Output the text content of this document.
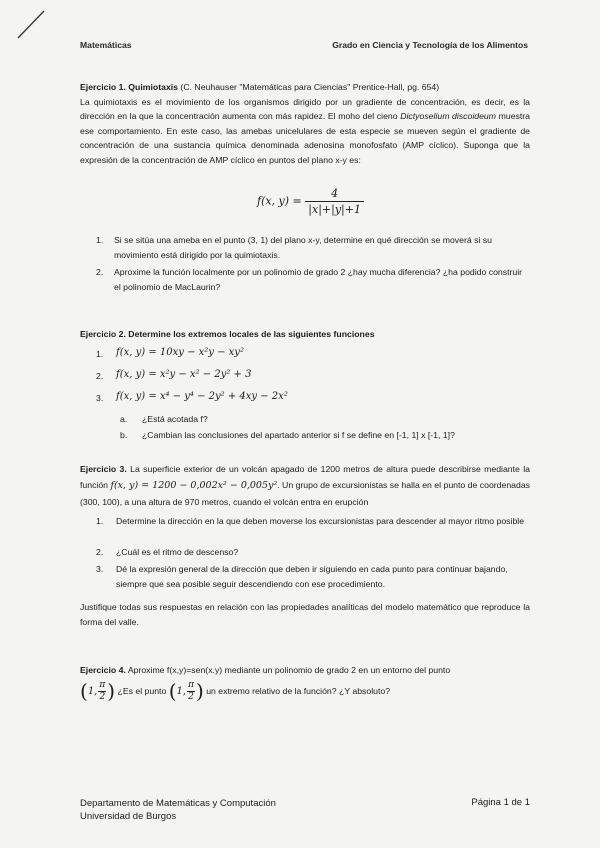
Matemáticas	Grado en Ciencia y Tecnología de los Alimentos
Ejercicio 1. Quimiotaxis (C. Neuhauser "Matemáticas para Ciencias" Prentice-Hall, pg. 654)
La quimiotaxis es el movimiento de los organismos dirigido por un gradiente de concentración, es decir, es la dirección en la que la concentración aumenta con más rapidez. El moho del cieno Dictyoselium discoideum muestra ese comportamiento. En este caso, las amebas unicelulares de esta especie se mueven según el gradiente de concentración de una sustancia química denominada adenosina monofosfato (AMP cíclico). Suponga que la expresión de la concentración de AMP cíclico en puntos del plano x-y es:
f(x, $y) = \frac{4}{|x|+|y|+1}$
1. Si se sitúa una ameba en el punto (3, 1) del plano x-y, determine en qué dirección se moverá si su movimiento está dirigido por la quimiotaxis.
2. Aproxime la función localmente por un polinomio de grado 2 ¿hay mucha diferencia? ¿ha podido construir el polinomio de MacLaurin?
Ejercicio 2. Determine los extremos locales de las siguientes funciones
1. f(x, y) = 10xy − x²y − xy²
2. f(x, y) = x²y − x² − 2y² + 3
3. f(x, y) = x⁴ − y⁴ − 2y² + 4xy − 2x²
a. ¿Está acotada f?
b. ¿Cambian las conclusiones del apartado anterior si f se define en [-1, 1] x [-1, 1]?
Ejercicio 3. La superficie exterior de un volcán apagado de 1200 metros de altura puede describirse mediante la función f(x, y) = 1200 − 0,002x² − 0,005y². Un grupo de excursionistas se halla en el punto de coordenadas (300, 100), a una altura de 970 metros, cuando el volcán entra en erupción
1. Determine la dirección en la que deben moverse los excursionistas para descender al mayor ritmo posible
2. ¿Cuál es el ritmo de descenso?
3. Dé la expresión general de la dirección que deben ir siguiendo en cada punto para continuar bajando, siempre que sea posible seguir descendiendo con ese procedimiento.
Justifique todas sus respuestas en relación con las propiedades analíticas del modelo matemático que reproduce la forma del valle.
Ejercicio 4. Aproxime f(x,y)=sen(x.y) mediante un polinomio de grado 2 en un entorno del punto
(1, $\frac{\pi}{2}$ ) ¿Es el punto (1, $\frac{\pi}{2}$ ) un extremo relativo de la función? ¿Y absoluto?
Departamento de Matemáticas y Computación
Universidad de Burgos
Página 1 de 1
